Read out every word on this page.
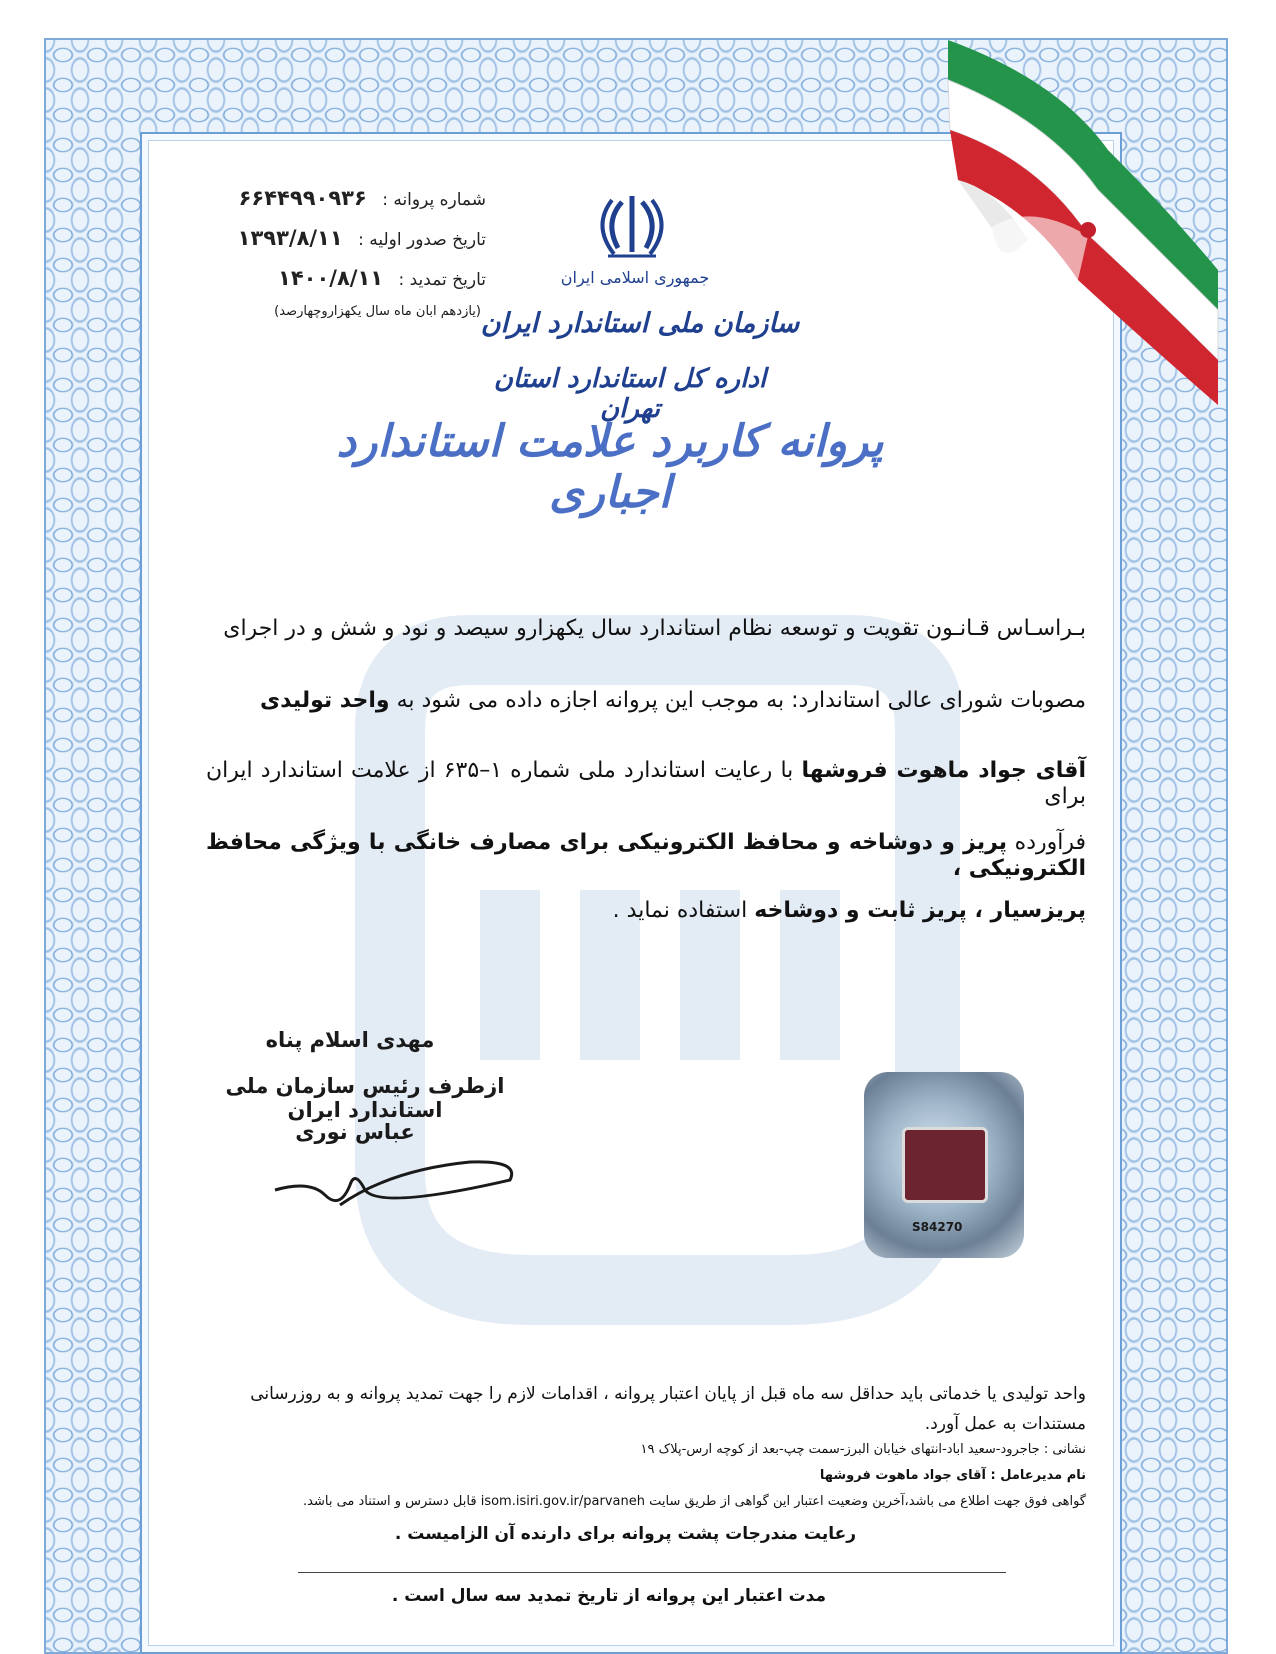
جمهوری اسلامی ایران
سازمان ملی استاندارد ایران
اداره کل استاندارد استان تهران
پروانه کاربرد علامت استاندارد اجباری
شماره پروانه : ۶۶۴۴۹۹۰۹۳۶
تاریخ صدور اولیه : ۱۳۹۳/۸/۱۱
تاریخ تمدید : ۱۴۰۰/۸/۱۱
(یازدهم ابان ماه سال یکهزاروچهارصد)
بـراسـاس قـانـون تقویت و توسعه نظام استاندارد سال یکهزارو سیصد و نود و شش و در اجرای
مصوبات شورای عالی استاندارد: به موجب این پروانه اجازه داده می شود به واحد تولیدی
آقای جواد ماهوت فروشها با رعایت استاندارد ملی شماره ۱–۶۳۵ از علامت استاندارد ایران برای
فرآورده پریز و دوشاخه و محافظ الکترونیکی برای مصارف خانگی با ویژگی محافظ الکترونیکی ،
پریزسیار ، پریز ثابت و دوشاخه استفاده نماید .
مهدی اسلام پناه
ازطرف رئیس سازمان ملی استاندارد ایران
عباس نوری
S84270
واحد تولیدی یا خدماتی باید حداقل سه ماه قبل از پایان اعتبار پروانه ، اقدامات لازم را جهت تمدید پروانه و به روزرسانی
مستندات به عمل آورد.
نشانی : جاجرود-سعید اباد-انتهای خیابان البرز-سمت چپ-بعد از کوچه ارس-پلاک ۱۹
نام مدیرعامل : آقای جواد ماهوت فروشها
گواهی فوق جهت اطلاع می باشد،آخرین وضعیت اعتبار این گواهی از طریق سایت isom.isiri.gov.ir/parvaneh قابل دسترس و استناد می باشد.
رعایت مندرجات پشت پروانه برای دارنده آن الزامیست .
مدت اعتبار این پروانه از تاریخ تمدید سه سال است .
